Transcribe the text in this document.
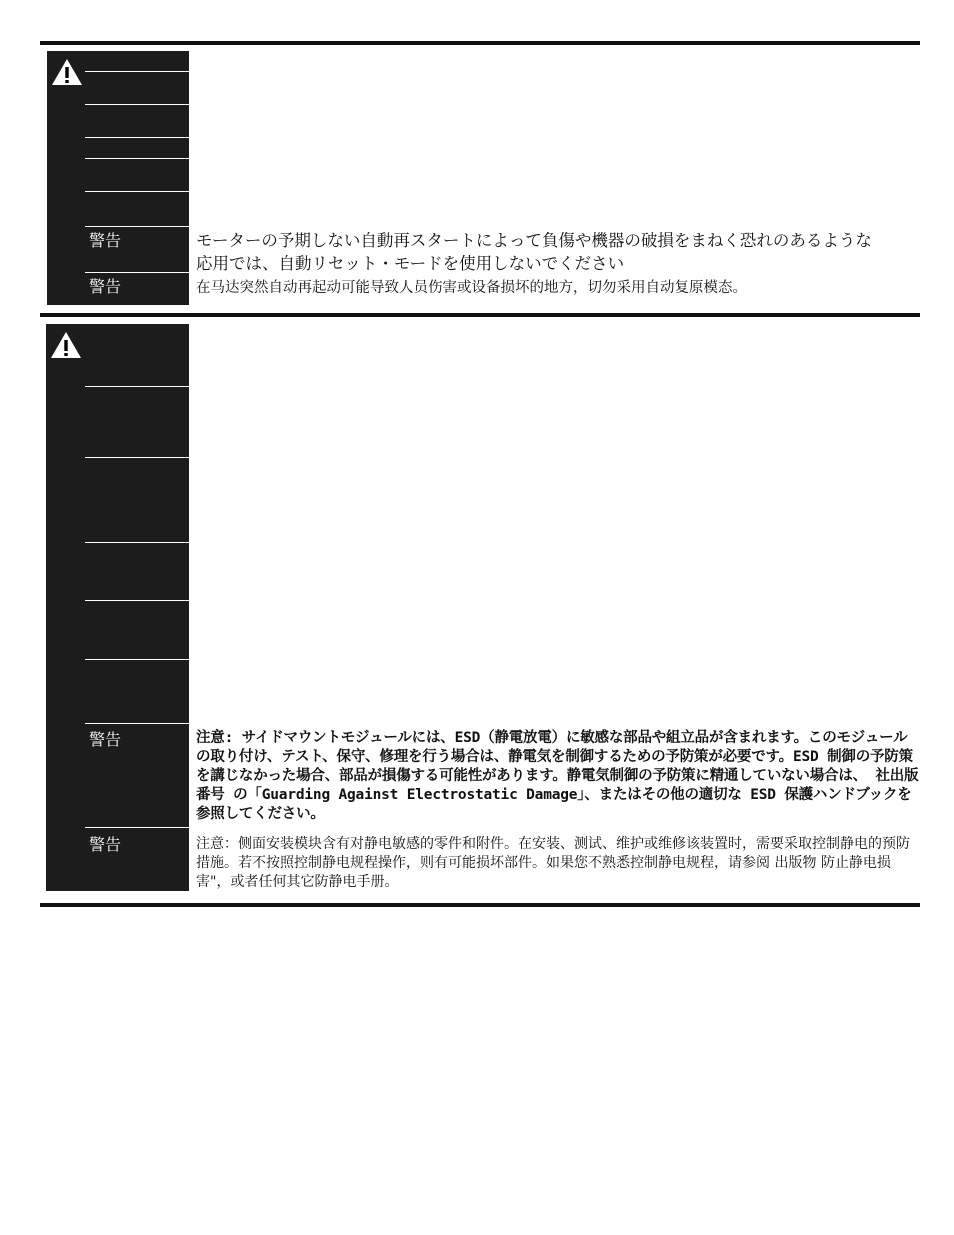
警告
警告
モーターの予期しない自動再スタートによって負傷や機器の破損をまねく恐れのあるような応用では、自動リセット・モードを使用しないでください
在马达突然自动再起动可能导致人员伤害或设备损坏的地方，切勿采用自动复原模态。
警告
警告
注意: サイドマウントモジュールには、ESD（静電放電）に敏感な部品や組立品が含まれます。このモジュールの取り付け、テスト、保守、修理を行う場合は、静電気を制御するための予防策が必要です。ESD 制御の予防策を講じなかった場合、部品が損傷する可能性があります。静電気制御の予防策に精通していない場合は、 社出版番号 の「Guarding Against Electrostatic Damage」、またはその他の適切な ESD 保護ハンドブックを参照してください。
注意：侧面安装模块含有对静电敏感的零件和附件。在安装、测试、维护或维修该装置时，需要采取控制静电的预防措施。若不按照控制静电规程操作，则有可能损坏部件。如果您不熟悉控制静电规程，请参阅 出版物 防止静电损害"，或者任何其它防静电手册。
